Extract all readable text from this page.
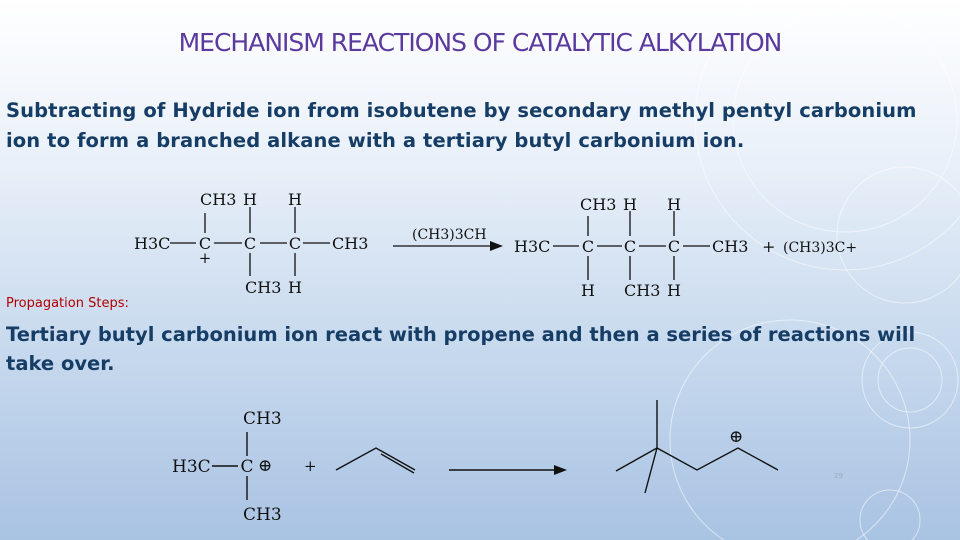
MECHANISM REACTIONS OF CATALYTIC ALKYLATION
Subtracting of Hydride ion from isobutene by secondary methyl pentyl carbonium ion to form a branched alkane with a tertiary butyl carbonium ion.
CH3 H H
H3C C C C CH3
+
CH3 H
(CH3)3CH
CH3 H H
H3C C C C CH3
H CH3 H
+ (CH3)3C+
Propagation Steps:
Tertiary butyl carbonium ion react with propene and then a series of reactions will take over.
CH3
H3C C ⊕
CH3
+
⊕
29
